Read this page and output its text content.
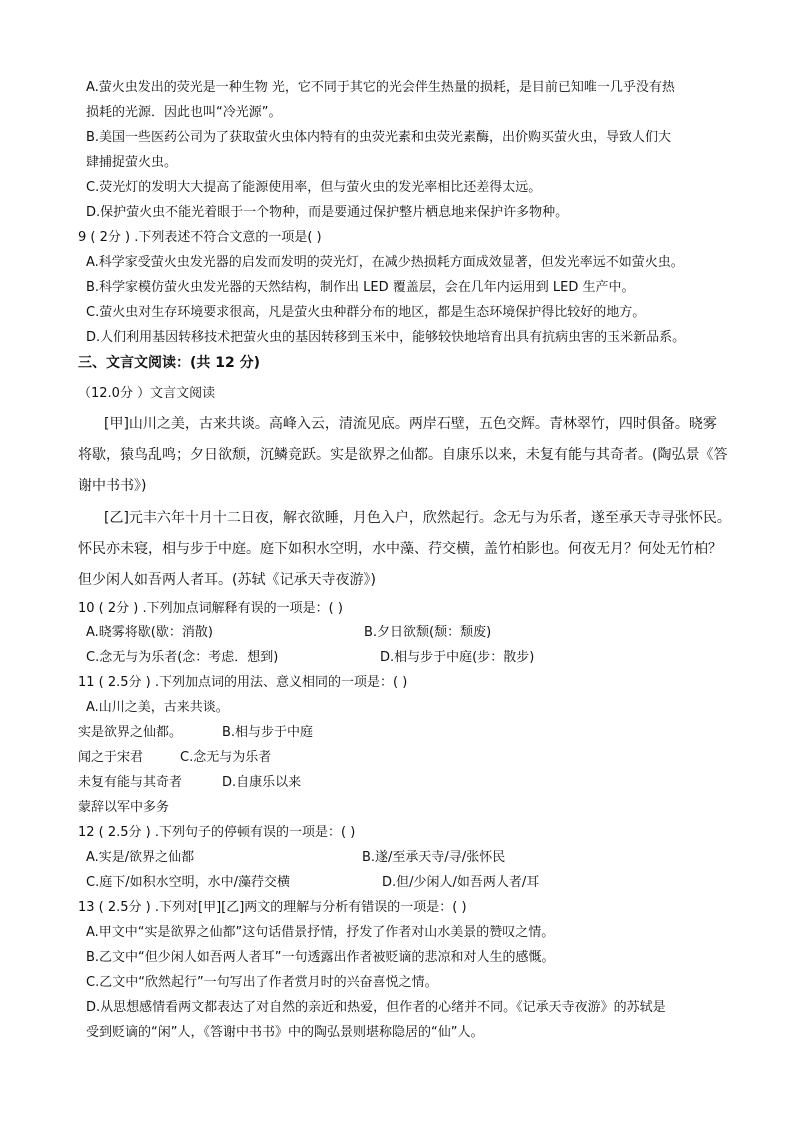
A.萤火虫发出的荧光是一种生物 光，它不同于其它的光会伴生热量的损耗，是目前已知唯一几乎没有热
损耗的光源．因此也叫“冷光源”。
B.美国一些医药公司为了获取萤火虫体内特有的虫荧光素和虫荧光素酶，出价购买萤火虫，导致人们大
肆捕捉萤火虫。
C.荧光灯的发明大大提高了能源使用率，但与萤火虫的发光率相比还差得太远。
D.保护萤火虫不能光着眼于一个物种，而是要通过保护整片栖息地来保护许多物种。
9 ( 2分 ) .下列表述不符合文意的一项是( )
A.科学家受萤火虫发光器的启发而发明的荧光灯，在减少热损耗方面成效显著，但发光率远不如萤火虫。
B.科学家模仿萤火虫发光器的天然结构，制作出 LED 覆盖层，会在几年内运用到 LED 生产中。
C.萤火虫对生存环境要求很高，凡是萤火虫种群分布的地区，都是生态环境保护得比较好的地方。
D.人们利用基因转移技术把萤火虫的基因转移到玉米中，能够较快地培育出具有抗病虫害的玉米新品系。
三、文言文阅读：(共 12 分)
（12.0分 ）文言文阅读
[甲]山川之美，古来共谈。高峰入云，清流见底。两岸石壁，五色交辉。青林翠竹，四时俱备。晓雾
将歇，猿鸟乱鸣；夕日欲颓，沉鳞竞跃。实是欲界之仙都。自康乐以来，未复有能与其奇者。(陶弘景《答
谢中书书》)
[乙]元丰六年十月十二日夜，解衣欲睡，月色入户，欣然起行。念无与为乐者，遂至承天寺寻张怀民。
怀民亦未寝，相与步于中庭。庭下如积水空明，水中藻、荇交横，盖竹柏影也。何夜无月？何处无竹柏？
但少闲人如吾两人者耳。(苏轼《记承天寺夜游》)
10 ( 2分 ) .下列加点词解释有误的一项是：( )
A.晓雾将歇(歇：消散)	B.夕日欲颓(颓：颓废)
C.念无与为乐者(念：考虑．想到)	D.相与步于中庭(步：散步)
11 ( 2.5分 ) .下列加点词的用法、意义相同的一项是：( )
A.山川之美，古来共谈。
实是欲界之仙都。	B.相与步于中庭
闻之于宋君	C.念无与为乐者
未复有能与其奇者	D.自康乐以来
蒙辞以军中多务
12 ( 2.5分 ) .下列句子的停顿有误的一项是：( )
A.实是/欲界之仙都	B.遂/至承天寺/寻/张怀民
C.庭下/如积水空明，水中/藻荇交横	D.但/少闲人/如吾两人者/耳
13 ( 2.5分 ) .下列对[甲][乙]两文的理解与分析有错误的一项是：( )
A.甲文中“实是欲界之仙都”这句话借景抒情，抒发了作者对山水美景的赞叹之情。
B.乙文中“但少闲人如吾两人者耳”一句透露出作者被贬谪的悲凉和对人生的感慨。
C.乙文中“欣然起行”一句写出了作者赏月时的兴奋喜悦之情。
D.从思想感情看两文都表达了对自然的亲近和热爱，但作者的心绪并不同。《记承天寺夜游》的苏轼是
受到贬谪的“闲”人，《答谢中书书》中的陶弘景则堪称隐居的“仙”人。
